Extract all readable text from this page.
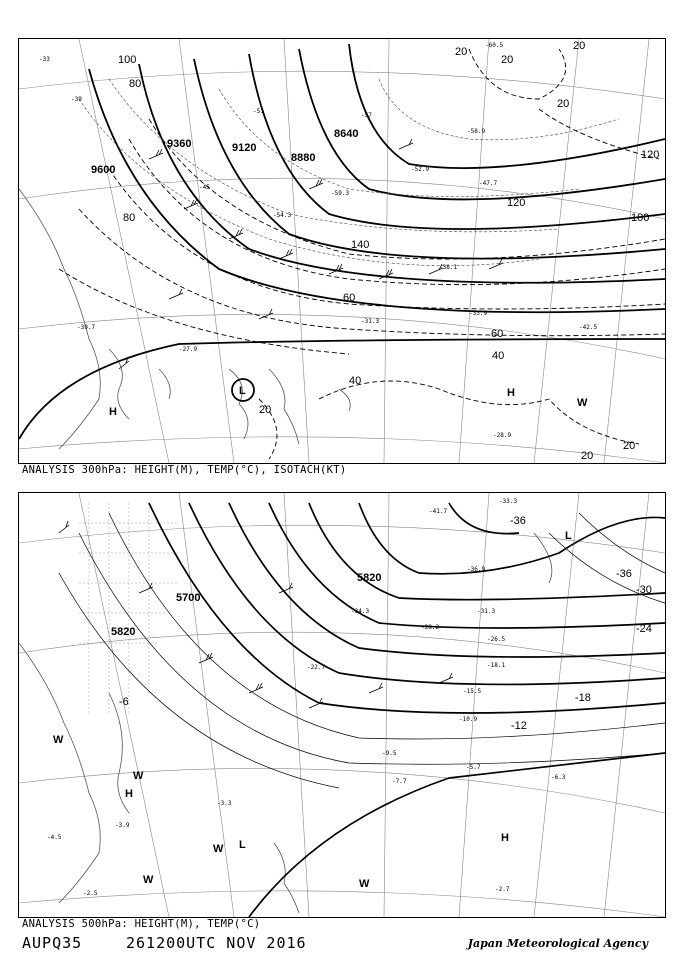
9600
9360	9120
8880
8640
120
140
100
80
60
40
20
120
100
80
60
40
20
20
20
20
20
20
-33
-39
-45
-51
-57
-60.5
-58.9
-52.9
-59.3
-47.7
-38.1
-27.9
-31.3
-39.7
-33.9
-28.9
-42.5
-54.3
H
H
L
W
ANALYSIS 300hPa: HEIGHT(M), TEMP(°C), ISOTACH(KT)
5820
5700
5820	-36
-30
-24
-18
-12
-6
-36
-41.7
-33.3
-36.9
-31.3
-26.5
-18.1
-15.5
-10.9
-9.5
-7.7
-5.7
-6.3
-3.3
-2.5
-2.7
-3.9
-4.5
-22.7
-28.2
-34.3
H
H
L
L
W
W
W
W	W
ANALYSIS 500hPa: HEIGHT(M), TEMP(°C)
AUPQ35	261200UTC NOV 2016	Japan Meteorological Agency
